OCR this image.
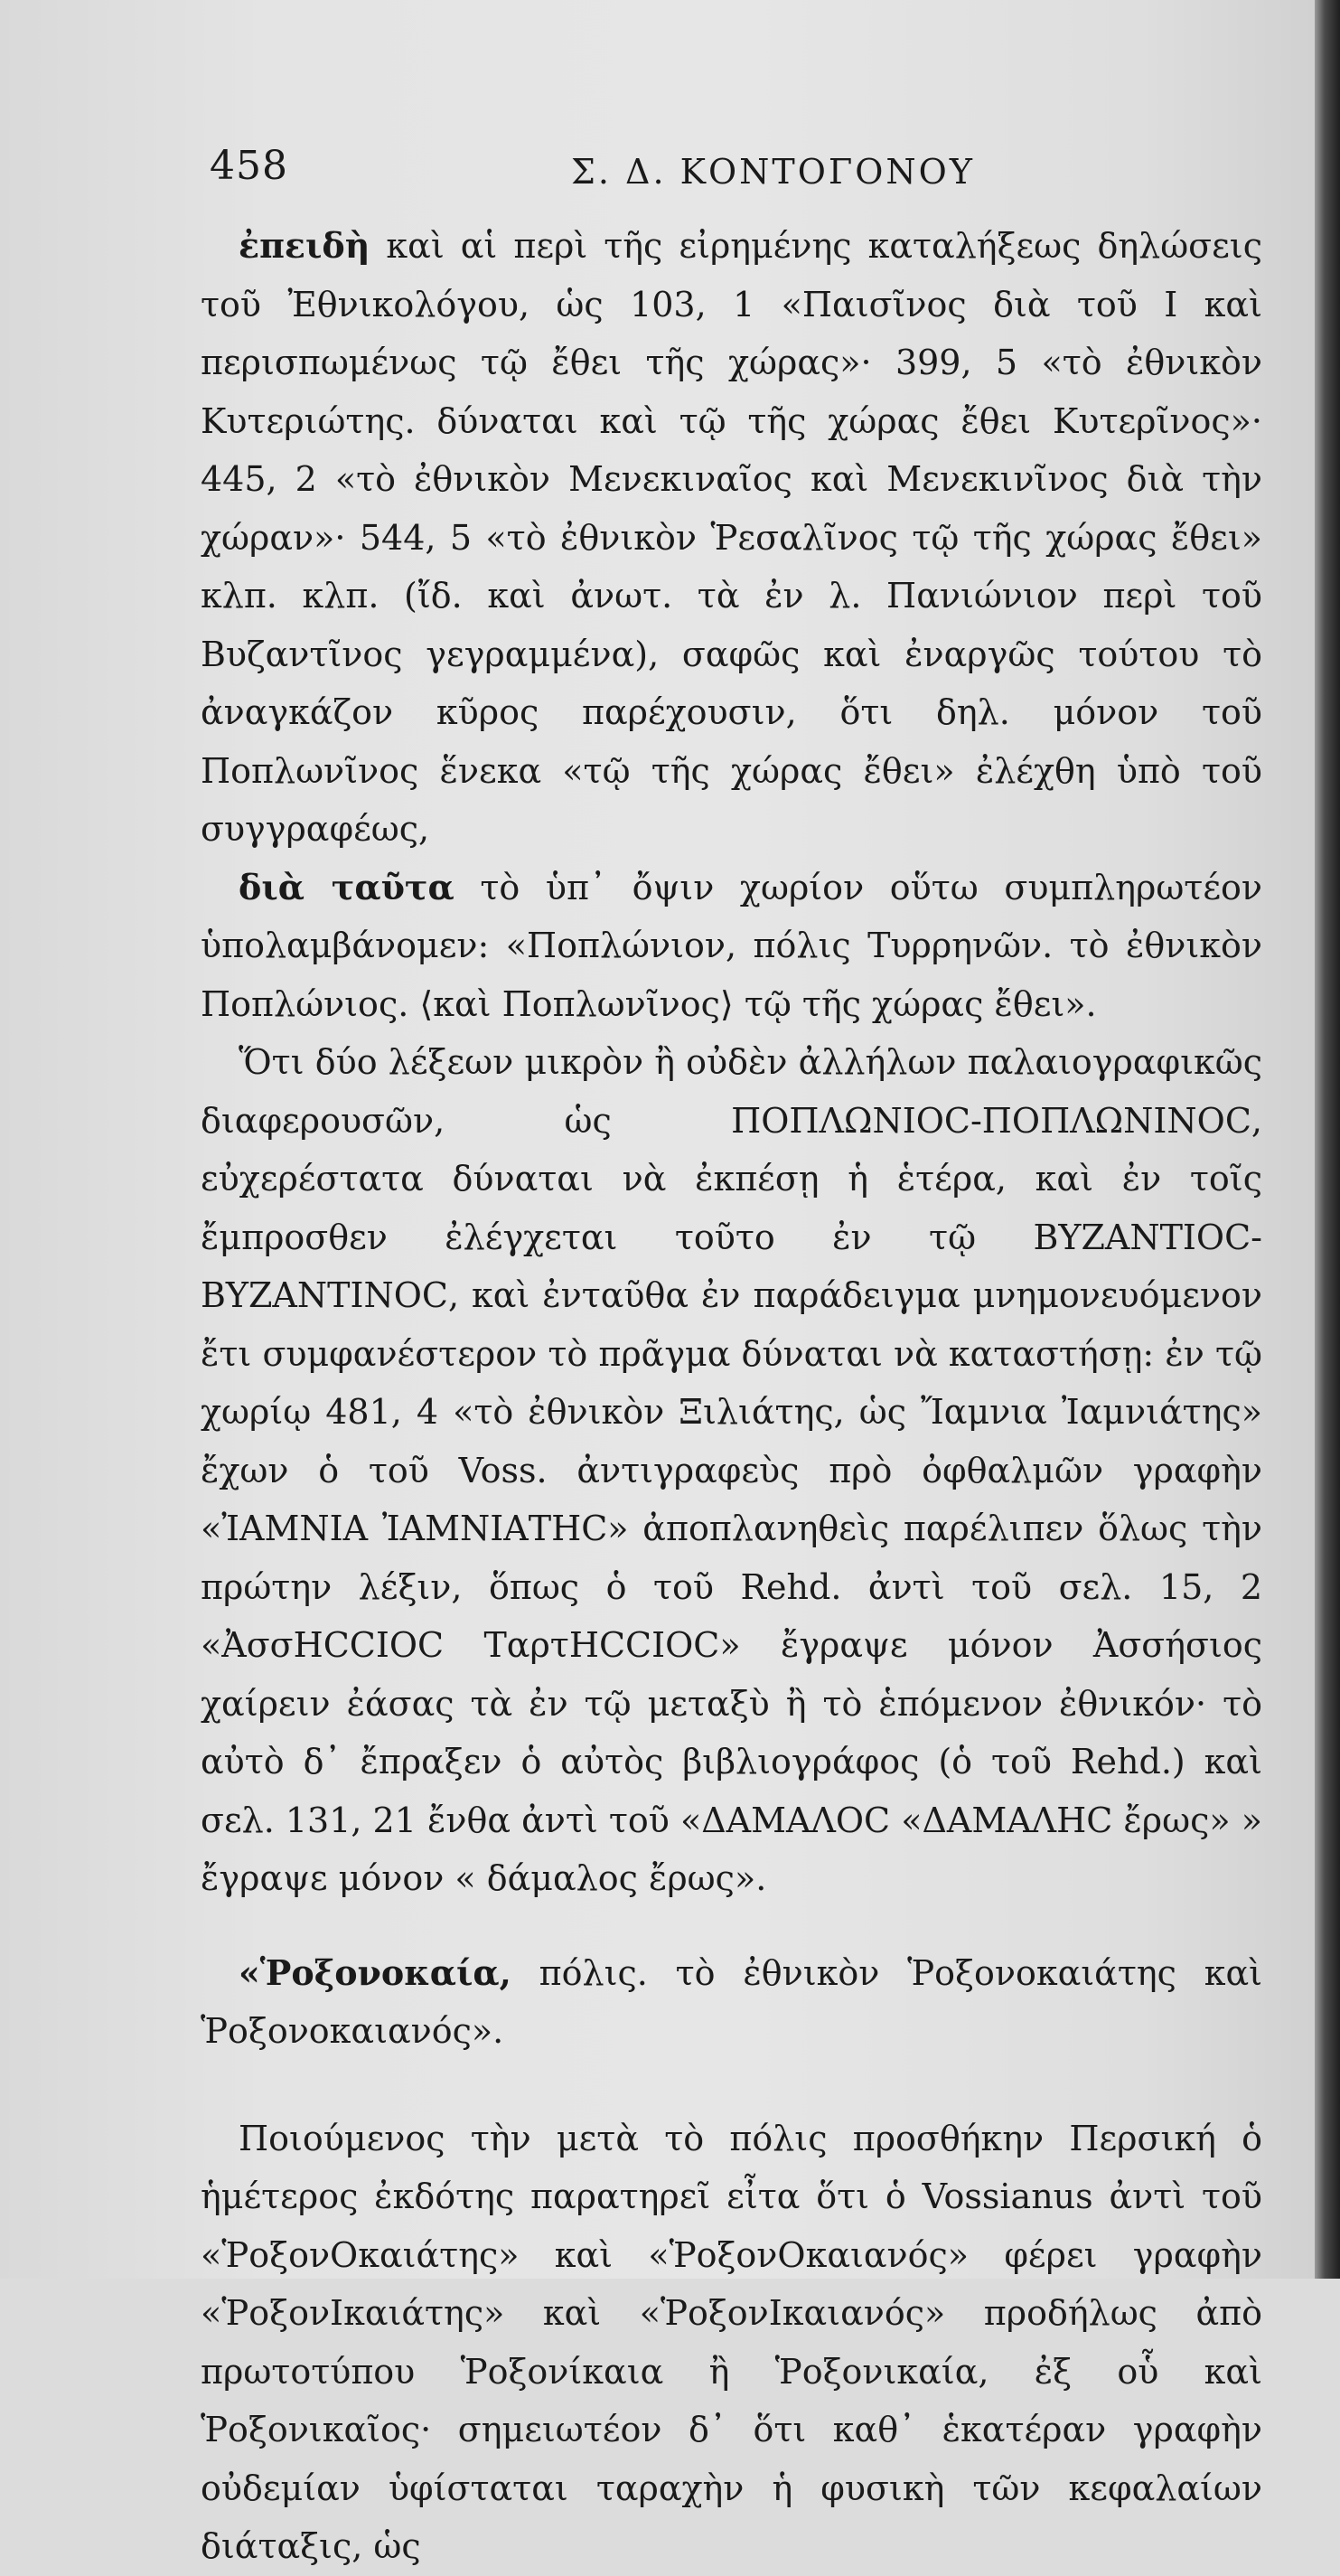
458	Σ. Δ. ΚΟΝΤΟΓΟΝΟΥ

ἐπειδὴ καὶ αἱ περὶ τῆς εἰρημένης καταλήξεως δηλώσεις τοῦ Ἐθνικολόγου, ὡς 103, 1 «Παισῖνος διὰ τοῦ Ι καὶ περισπωμένως τῷ ἔθει τῆς χώρας»· 399, 5 «τὸ ἐθνικὸν Κυτεριώτης. δύναται καὶ τῷ τῆς χώρας ἔθει Κυτερῖνος»· 445, 2 «τὸ ἐθνικὸν Μενεκιναῖος καὶ Μενεκινῖνος διὰ τὴν χώραν»· 544, 5 «τὸ ἐθνικὸν Ῥεσαλῖνος τῷ τῆς χώρας ἔθει» κλπ. κλπ. (ἴδ. καὶ ἀνωτ. τὰ ἐν λ. Πανιώνιον περὶ τοῦ Βυζαντῖνος γεγραμμένα), σαφῶς καὶ ἐναργῶς τούτου τὸ ἀναγκάζον κῦρος παρέχουσιν, ὅτι δηλ. μόνον τοῦ Ποπλωνῖνος ἕνεκα «τῷ τῆς χώρας ἔθει» ἐλέχθη ὑπὸ τοῦ συγγραφέως,

διὰ ταῦτα τὸ ὑπ᾽ ὄψιν χωρίον οὕτω συμπληρωτέον ὑπολαμβάνομεν: «Ποπλώνιον, πόλις Τυρρηνῶν. τὸ ἐθνικὸν Ποπλώνιος. ⟨καὶ Ποπλωνῖνος⟩ τῷ τῆς χώρας ἔθει».

Ὅτι δύο λέξεων μικρὸν ἢ οὐδὲν ἀλλήλων παλαιογραφικῶς διαφερουσῶν, ὡς ΠΟΠΛΩΝΙΟϹ-ΠΟΠΛΩΝΙΝΟϹ, εὐχερέστατα δύναται νὰ ἐκπέσῃ ἡ ἑτέρα, καὶ ἐν τοῖς ἔμπροσθεν ἐλέγχεται τοῦτο ἐν τῷ ΒΥΖΑΝΤΙΟϹ-ΒΥΖΑΝΤΙΝΟϹ, καὶ ἐνταῦθα ἐν παράδειγμα μνημονευόμενον ἔτι συμφανέστερον τὸ πρᾶγμα δύναται νὰ καταστήσῃ: ἐν τῷ χωρίῳ 481, 4 «τὸ ἐθνικὸν Ξιλιάτης, ὡς Ἴαμνια Ἰαμνιάτης» ἔχων ὁ τοῦ Voss. ἀντιγραφεὺς πρὸ ὀφθαλμῶν γραφὴν «ἸΑΜΝΙΑ ἸΑΜΝΙΑΤΗϹ» ἀποπλανηθεὶς παρέλιπεν ὅλως τὴν πρώτην λέξιν, ὅπως ὁ τοῦ Rehd. ἀντὶ τοῦ σελ. 15, 2 «ἈσσΗϹϹΙΟϹ ΤαρτΗϹϹΙΟϹ» ἔγραψε μόνον Ἀσσήσιος χαίρειν ἐάσας τὰ ἐν τῷ μεταξὺ ἢ τὸ ἑπόμενον ἐθνικόν· τὸ αὐτὸ δ᾽ ἔπραξεν ὁ αὐτὸς βιβλιογράφος (ὁ τοῦ Rehd.) καὶ σελ. 131, 21 ἔνθα ἀντὶ τοῦ «ΔΑΜΑΛΟϹ «ΔΑΜΑΛΗϹ ἔρως» » ἔγραψε μόνον « δάμαλος ἔρως».

«Ῥοξονοκαία, πόλις. τὸ ἐθνικὸν Ῥοξονοκαιάτης καὶ Ῥοξονοκαιανός».

Ποιούμενος τὴν μετὰ τὸ πόλις προσθήκην Περσική ὁ ἡμέτερος ἐκδότης παρατηρεῖ εἶτα ὅτι ὁ Vossianus ἀντὶ τοῦ «ῬοξονΟκαιάτης» καὶ «ῬοξονΟκαιανός» φέρει γραφὴν «ῬοξονΙκαιάτης» καὶ «ῬοξονΙκαιανός» προδήλως ἀπὸ πρωτοτύπου Ῥοξονίκαια ἢ Ῥοξονικαία, ἐξ οὗ καὶ Ῥοξονικαῖος· σημειωτέον δ᾽ ὅτι καθ᾽ ἑκατέραν γραφὴν οὐδεμίαν ὑφίσταται ταραχὴν ἡ φυσικὴ τῶν κεφαλαίων διάταξις, ὡς
